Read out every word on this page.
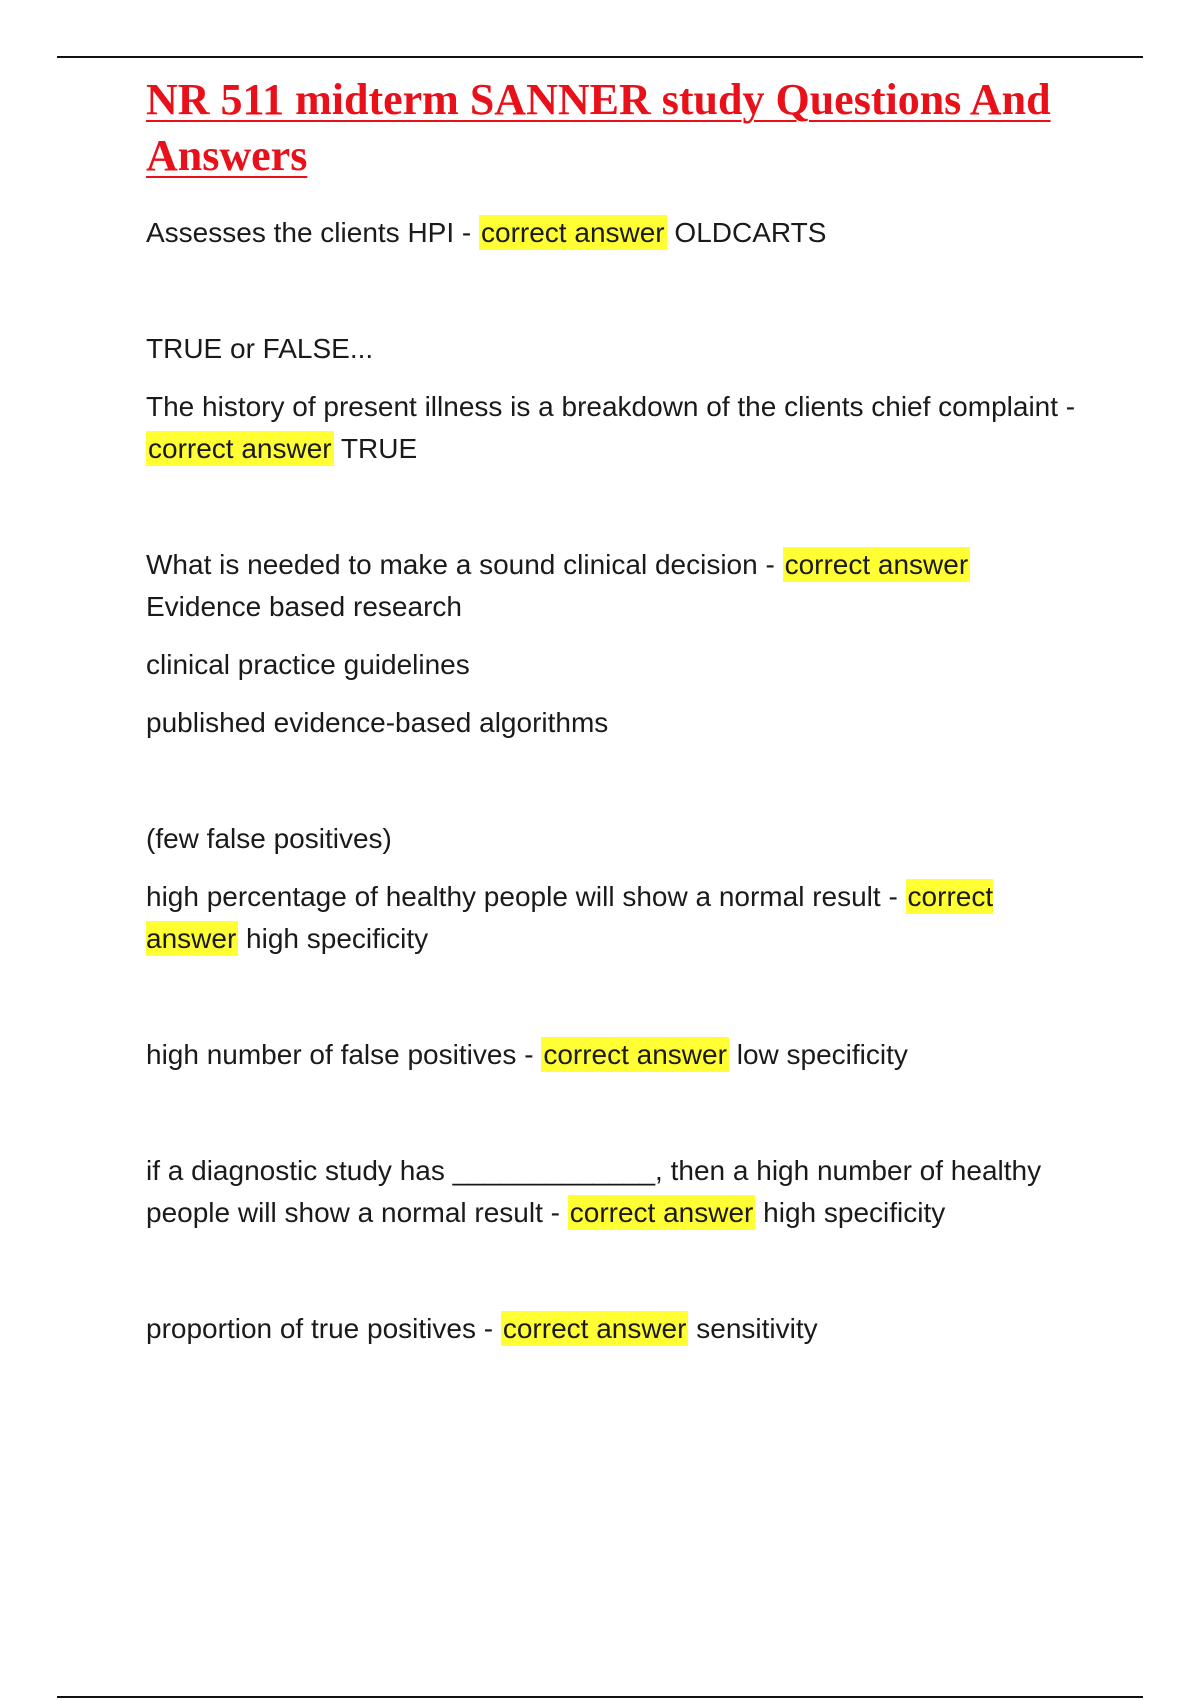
NR 511 midterm SANNER study Questions And Answers

Assesses the clients HPI - correct answer OLDCARTS

TRUE or FALSE...

The history of present illness is a breakdown of the clients chief complaint - correct answer TRUE

What is needed to make a sound clinical decision - correct answer Evidence based research

clinical practice guidelines

published evidence-based algorithms

(few false positives)

high percentage of healthy people will show a normal result - correct answer high specificity

high number of false positives - correct answer low specificity

if a diagnostic study has _____________, then a high number of healthy people will show a normal result - correct answer high specificity

proportion of true positives - correct answer sensitivity
